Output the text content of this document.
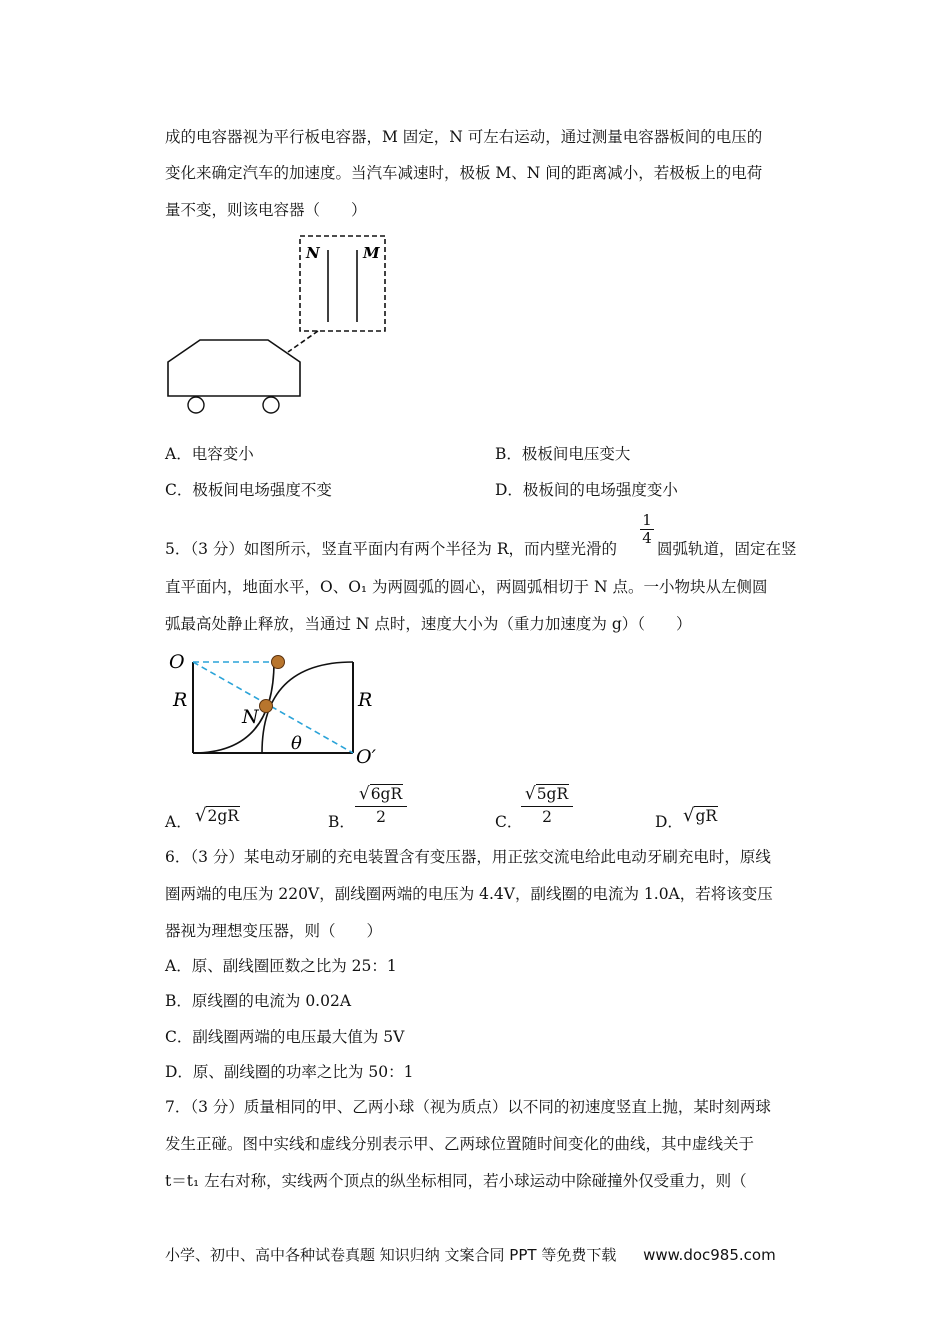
成的电容器视为平行板电容器，M 固定，N 可左右运动，通过测量电容器板间的电压的
变化来确定汽车的加速度。当汽车减速时，极板 M、N 间的距离减小，若极板上的电荷
量不变，则该电容器（　　）
N	M
A．电容变小	B．极板间电压变大
C．极板间电场强度不变	D．极板间的电场强度变小
5．（3 分）如图所示，竖直平面内有两个半径为 R，而内壁光滑的
1
4
圆弧轨道，固定在竖
直平面内，地面水平，O、O₁ 为两圆弧的圆心，两圆弧相切于 N 点。一小物块从左侧圆
弧最高处静止释放，当通过 N 点时，速度大小为（重力加速度为 g）（　　）
O
R
N
R
θ
O′
A． √2gR	B．
√6gR
2	C．
√5gR
2	D． √gR
6．（3 分）某电动牙刷的充电装置含有变压器，用正弦交流电给此电动牙刷充电时，原线
圈两端的电压为 220V，副线圈两端的电压为 4.4V，副线圈的电流为 1.0A，若将该变压
器视为理想变压器，则（　　）
A．原、副线圈匝数之比为 25：1
B．原线圈的电流为 0.02A
C．副线圈两端的电压最大值为 5V
D．原、副线圈的功率之比为 50：1
7．（3 分）质量相同的甲、乙两小球（视为质点）以不同的初速度竖直上抛，某时刻两球
发生正碰。图中实线和虚线分别表示甲、乙两球位置随时间变化的曲线，其中虚线关于
t＝t₁ 左右对称，实线两个顶点的纵坐标相同，若小球运动中除碰撞外仅受重力，则（
小学、初中、高中各种试卷真题 知识归纳 文案合同 PPT 等免费下载 www.doc985.com
